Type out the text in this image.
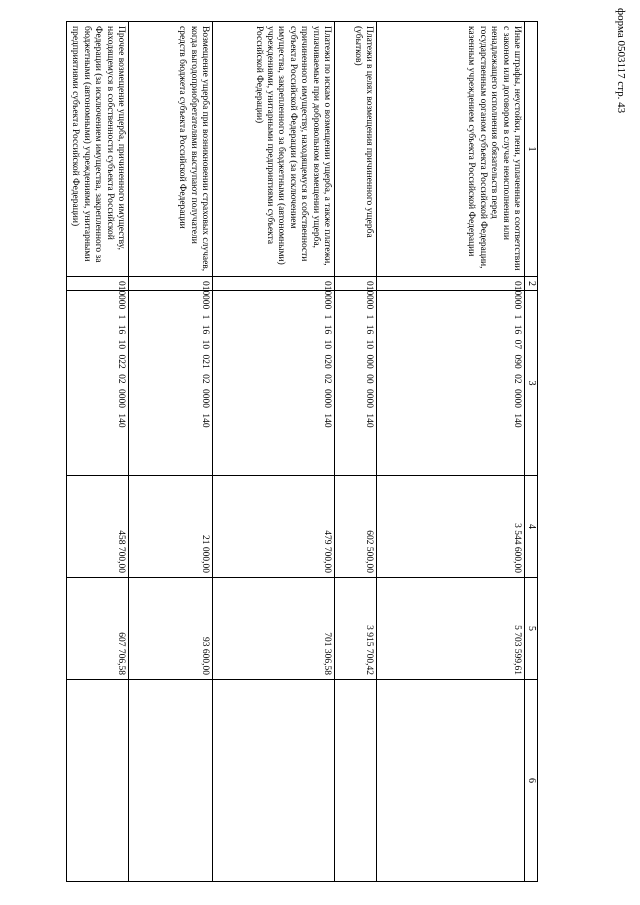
форма 0503117 стр. 43
1	2	3	4	5	6
Иные штрафы, неустойки, пени, уплаченные в соответствии с законом или договором в случае неисполнения или ненадлежащего исполнения обязательств перед государственным органом субъекта Российской Федерации, казенным учреждением субъекта Российской Федерации	010	000 1 16 07 090 02 0000 140	3 544 600,00	5 703 599,61	
Платежи в целях возмещения причиненного ущерба (убытков)	010	000 1 16 10 000 00 0000 140	602 500,00	3 915 700,42	
Платежи по искам о возмещении ущерба, а также платежи, уплачиваемые при добровольном возмещении ущерба, причиненного имуществу, находящемуся в собственности субъекта Российской Федерации (за исключением имущества, закрепленного за бюджетными (автономными) учреждениями, унитарными предприятиями субъекта Российской Федерации)	010	000 1 16 10 020 02 0000 140	479 700,00	701 306,58	
Возмещение ущерба при возникновении страховых случаев, когда выгодоприобретателями выступают получатели средств бюджета субъекта Российской Федерации	010	000 1 16 10 021 02 0000 140	21 000,00	93 600,00	
Прочее возмещение ущерба, причиненного имуществу, находящемуся в собственности субъекта Российской Федерации (за исключением имущества, закрепленного за бюджетными (автономными) учреждениями, унитарными предприятиями субъекта Российской Федерации)	010	000 1 16 10 022 02 0000 140	458 700,00	607 706,58	
